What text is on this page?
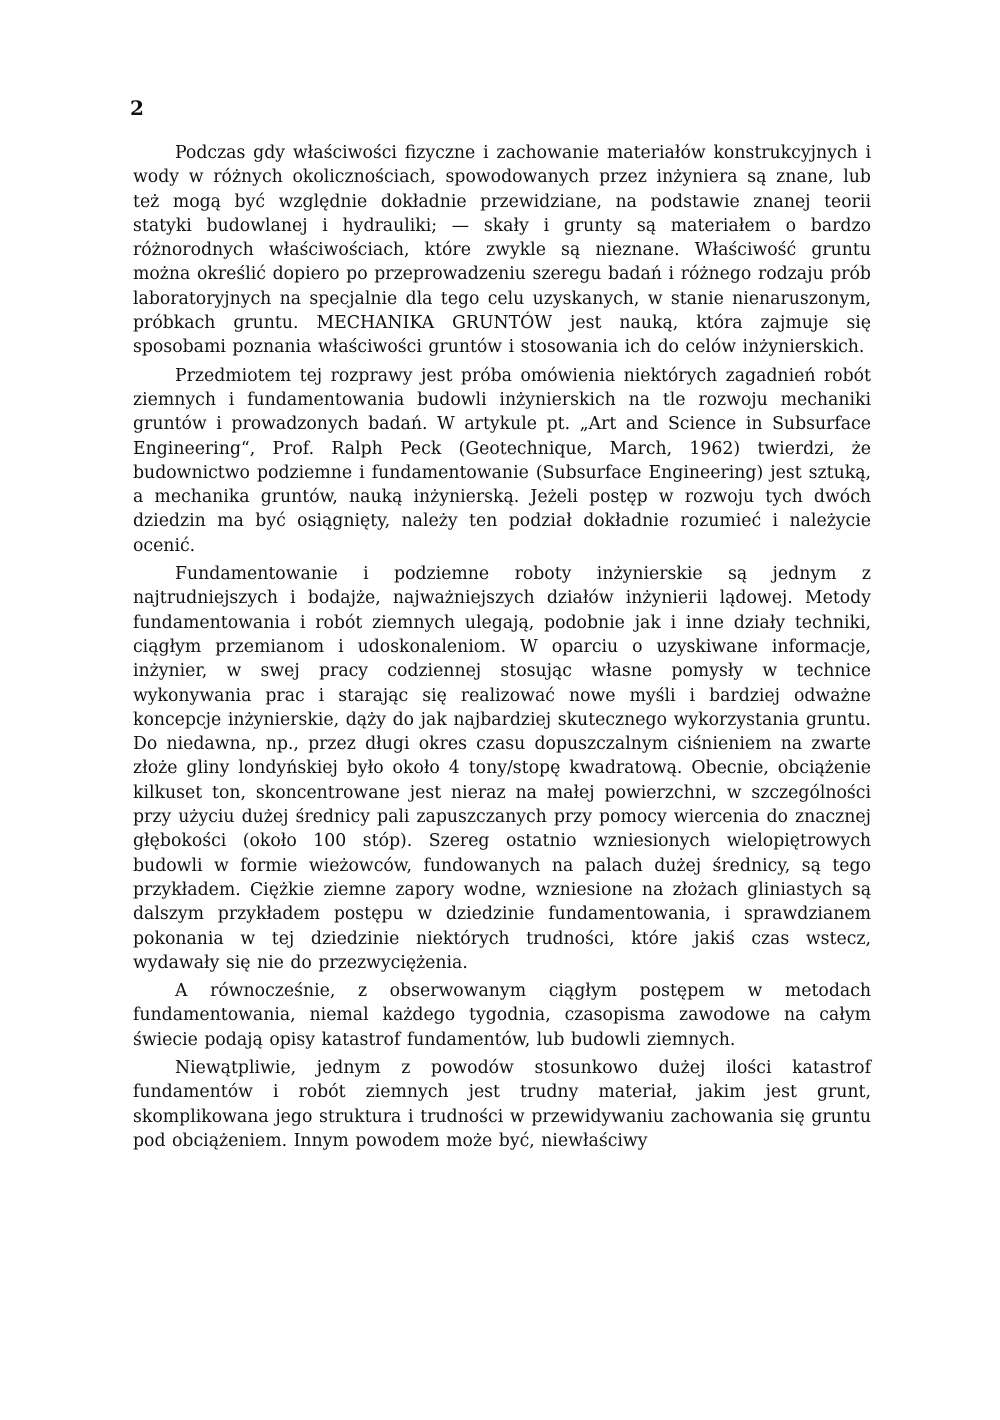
2

Podczas gdy właściwości fizyczne i zachowanie materiałów konstrukcyjnych i wody w różnych okolicznościach, spowodowanych przez inżyniera są znane, lub też mogą być względnie dokładnie przewidziane, na podstawie znanej teorii statyki budowlanej i hydrauliki; — skały i grunty są materiałem o bardzo różnorodnych właściwościach, które zwykle są nieznane. Właściwość gruntu można określić dopiero po przeprowadzeniu szeregu badań i różnego rodzaju prób laboratoryjnych na specjalnie dla tego celu uzyskanych, w stanie nienaruszonym, próbkach gruntu. MECHANIKA GRUNTÓW jest nauką, która zajmuje się sposobami poznania właściwości gruntów i stosowania ich do celów inżynierskich.

Przedmiotem tej rozprawy jest próba omówienia niektórych zagadnień robót ziemnych i fundamentowania budowli inżynierskich na tle rozwoju mechaniki gruntów i prowadzonych badań. W artykule pt. „Art and Science in Subsurface Engineering“, Prof. Ralph Peck (Geotechnique, March, 1962) twierdzi, że budownictwo podziemne i fundamentowanie (Subsurface Engineering) jest sztuką, a mechanika gruntów, nauką inżynierską. Jeżeli postęp w rozwoju tych dwóch dziedzin ma być osiągnięty, należy ten podział dokładnie rozumieć i należycie ocenić.

Fundamentowanie i podziemne roboty inżynierskie są jednym z najtrudniejszych i bodajże, najważniejszych działów inżynierii lądowej. Metody fundamentowania i robót ziemnych ulegają, podobnie jak i inne działy techniki, ciągłym przemianom i udoskonaleniom. W oparciu o uzyskiwane informacje, inżynier, w swej pracy codziennej stosując własne pomysły w technice wykonywania prac i starając się realizować nowe myśli i bardziej odważne koncepcje inżynierskie, dąży do jak najbardziej skutecznego wykorzystania gruntu. Do niedawna, np., przez długi okres czasu dopuszczalnym ciśnieniem na zwarte złoże gliny londyńskiej było około 4 tony/stopę kwadratową. Obecnie, obciążenie kilkuset ton, skoncentrowane jest nieraz na małej powierzchni, w szczególności przy użyciu dużej średnicy pali zapuszczanych przy pomocy wiercenia do znacznej głębokości (około 100 stóp). Szereg ostatnio wzniesionych wielopiętrowych budowli w formie wieżowców, fundowanych na palach dużej średnicy, są tego przykładem. Ciężkie ziemne zapory wodne, wzniesione na złożach gliniastych są dalszym przykładem postępu w dziedzinie fundamentowania, i sprawdzianem pokonania w tej dziedzinie niektórych trudności, które jakiś czas wstecz, wydawały się nie do przezwyciężenia.

A równocześnie, z obserwowanym ciągłym postępem w metodach fundamentowania, niemal każdego tygodnia, czasopisma zawodowe na całym świecie podają opisy katastrof fundamentów, lub budowli ziemnych.

Niewątpliwie, jednym z powodów stosunkowo dużej ilości katastrof fundamentów i robót ziemnych jest trudny materiał, jakim jest grunt, skomplikowana jego struktura i trudności w przewidywaniu zachowania się gruntu pod obciążeniem. Innym powodem może być, niewłaściwy
